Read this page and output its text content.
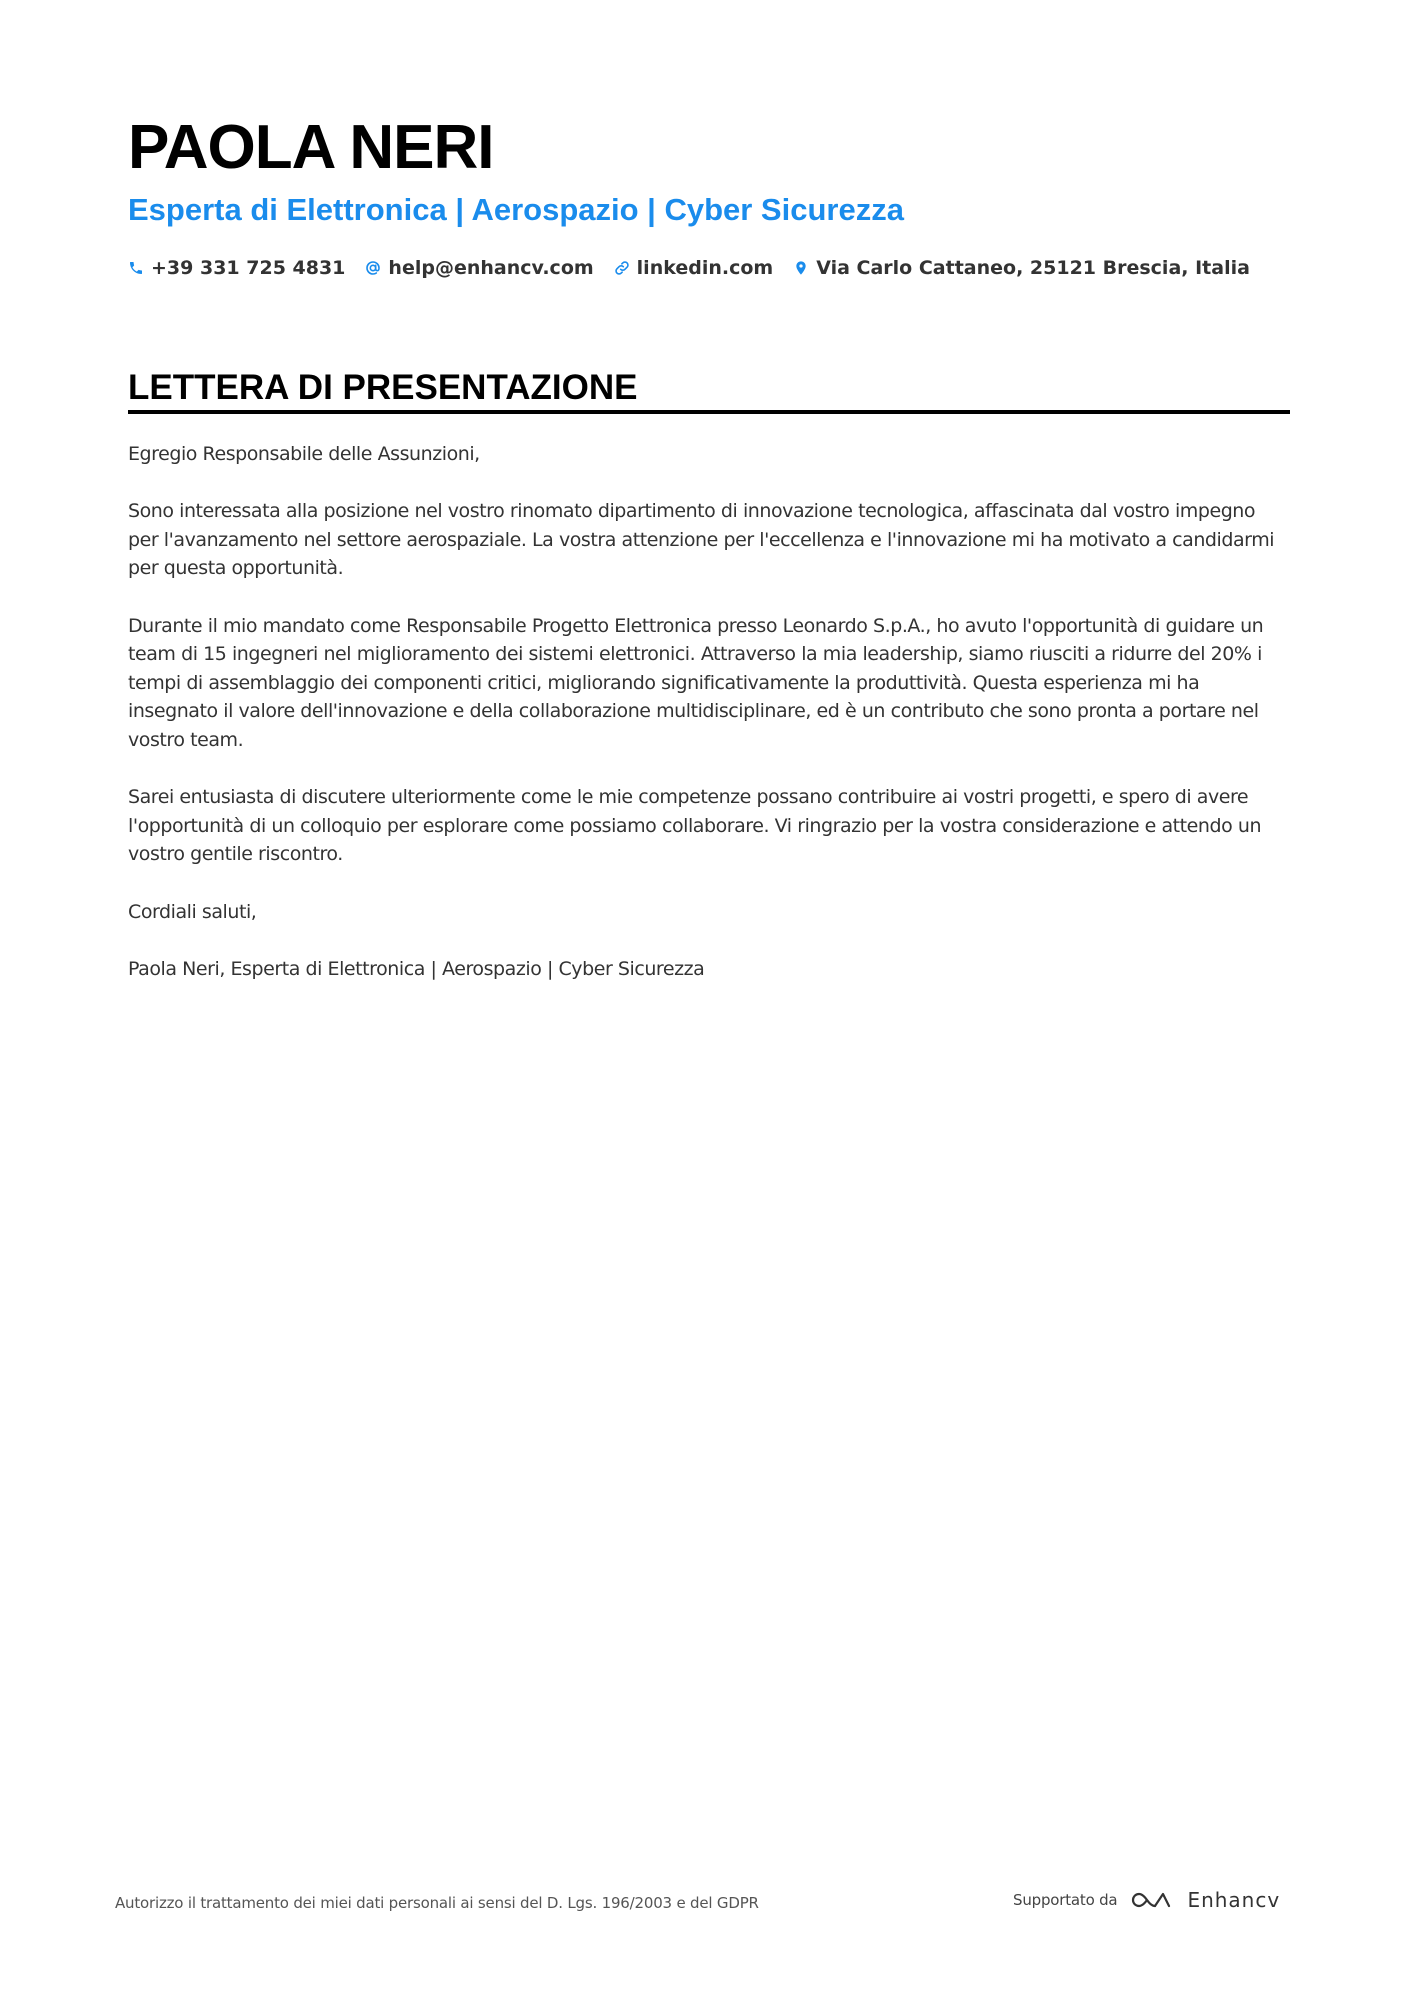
PAOLA NERI
Esperta di Elettronica | Aerospazio | Cyber Sicurezza
+39 331 725 4831 help@enhancv.com linkedin.com Via Carlo Cattaneo, 25121 Brescia, Italia
LETTERA DI PRESENTAZIONE

Egregio Responsabile delle Assunzioni,

Sono interessata alla posizione nel vostro rinomato dipartimento di innovazione tecnologica, affascinata dal vostro impegno per l'avanzamento nel settore aerospaziale. La vostra attenzione per l'eccellenza e l'innovazione mi ha motivato a candidarmi per questa opportunità.

Durante il mio mandato come Responsabile Progetto Elettronica presso Leonardo S.p.A., ho avuto l'opportunità di guidare un team di 15 ingegneri nel miglioramento dei sistemi elettronici. Attraverso la mia leadership, siamo riusciti a ridurre del 20% i tempi di assemblaggio dei componenti critici, migliorando significativamente la produttività. Questa esperienza mi ha insegnato il valore dell'innovazione e della collaborazione multidisciplinare, ed è un contributo che sono pronta a portare nel vostro team.

Sarei entusiasta di discutere ulteriormente come le mie competenze possano contribuire ai vostri progetti, e spero di avere l'opportunità di un colloquio per esplorare come possiamo collaborare. Vi ringrazio per la vostra considerazione e attendo un vostro gentile riscontro.

Cordiali saluti,

Paola Neri, Esperta di Elettronica | Aerospazio | Cyber Sicurezza

Autorizzo il trattamento dei miei dati personali ai sensi del D. Lgs. 196/2003 e del GDPR	Supportato da	Enhancv
